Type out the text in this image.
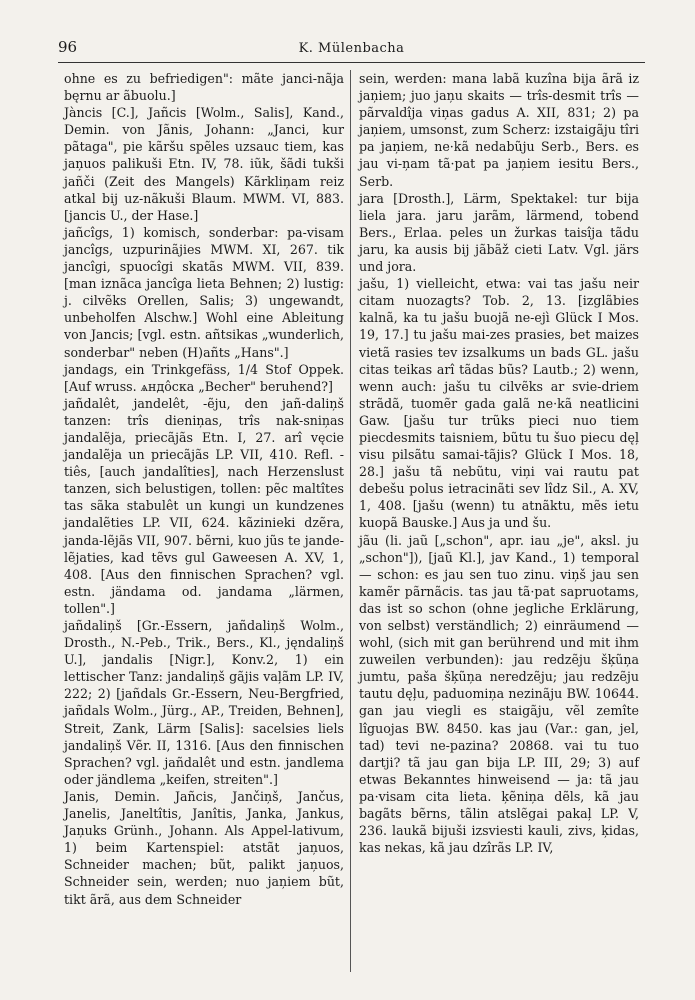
96	K. Mülenbacha

ohne es zu befriedigen": mãte janci-nãja bęrnu ar ãbuolu.]

Jàncis [C.], Jañcis [Wolm., Salis], Kand., Demin. von Jãnis, Johann: „Janci, kur pãtaga", pie kãršu spẽles uzsauc tiem, kas jaņuos palikuši Etn. IV, 78. iũk, šãdi tukši jañči (Zeit des Mangels) Kãrkliņam reiz atkal bij uz-nãkuši Blaum. MWM. VI, 883. [jancis U., der Hase.]

jañcîgs, 1) komisch, sonderbar: pa-visam jancîgs, uzpurinãjies MWM. XI, 267. tik jancîgi, spuocîgi skatãs MWM. VII, 839. [man iznãca jancîga lieta Behnen; 2) lustig: j. cilvẽks Orellen, Salis; 3) ungewandt, unbeholfen Alschw.] Wohl eine Ableitung von Jancis; [vgl. estn. añtsikas „wunderlich, sonderbar" neben (H)añts „Hans".]

jandags, ein Trinkgefäss, 1/4 Stof Oppek. [Auf wruss. ѧндôска „Becher" beruhend?]

jañdalêt, jandelêt, -ẽju, den jañ-daliņš tanzen: trîs dieniņas, trîs nak-sniņas jandalẽja, priecãjãs Etn. I, 27. arî vęcie jandalẽja un priecãjãs LP. VII, 410. Refl. -tiês, [auch jandalîties], nach Herzenslust tanzen, sich belustigen, tollen: pẽc maltîtes tas sãka stabulêt un kungi un kundzenes jandalẽties LP. VII, 624. kãzinieki dzẽra, janda-lẽjãs VII, 907. bẽrni, kuo jũs te jande-lẽjaties, kad tẽvs gul Gaweesen A. XV, 1, 408. [Aus den finnischen Sprachen? vgl. estn. jändama od. jandama „lärmen, tollen".]

jañdaliņš [Gr.-Essern, jañdaliņš Wolm., Drosth., N.-Peb., Trik., Bers., Kl., jęndaliņš U.], jandalis [Nigr.], Konv.2, 1) ein lettischer Tanz: jandaliņš gãjis vaļãm LP. IV, 222; 2) [jañdals Gr.-Essern, Neu-Bergfried, jañdals Wolm., Jürg., AP., Treiden, Behnen], Streit, Zank, Lärm [Salis]: sacelsies liels jandaliņš Vẽr. II, 1316. [Aus den finnischen Sprachen? vgl. jañdalêt und estn. jandlema oder jändlema „keifen, streiten".]

Janis, Demin. Jañcis, Jančiņš, Jančus, Janelis, Janeltîtis, Janîtis, Janka, Jankus, Jaņuks Grünh., Johann. Als Appel-lativum, 1) beim Kartenspiel: atstãt jaņuos, Schneider machen; bũt, palikt jaņuos, Schneider sein, werden; nuo jaņiem bũt, tikt ãrã, aus dem Schneider

sein, werden: mana labã kuzîna bija ãrã iz jaņiem; juo jaņu skaits — trîs-desmit trîs — pãrvaldîja viņas gadus A. XII, 831; 2) pa jaņiem, umsonst, zum Scherz: izstaigãju tîri pa jaņiem, ne·kã nedabũju Serb., Bers. es jau vi-ņam tã·pat pa jaņiem iesitu Bers., Serb.

jara [Drosth.], Lärm, Spektakel: tur bija liela jara. jaru jarãm, lärmend, tobend Bers., Erlaa. peles un žurkas taisîja tãdu jaru, ka ausis bij jãbãž cieti Latv. Vgl. järs und jora.

jašu, 1) vielleicht, etwa: vai tas jašu neir citam nuozagts? Tob. 2, 13. [izglãbies kalnã, ka tu jašu buojã ne-ejì Glück I Mos. 19, 17.] tu jašu mai-zes prasies, bet maizes vietã rasies tev izsalkums un bads GL. jašu citas teikas arî tãdas bũs? Lautb.; 2) wenn, wenn auch: jašu tu cilvẽks ar svie-driem strãdã, tuomẽr gada galã ne·kã neatlicini Gaw. [jašu tur trũks pieci nuo tiem piecdesmits taisniem, bũtu tu šuo piecu dęļ visu pilsãtu samai-tãjis? Glück I Mos. 18, 28.] jašu tã nebũtu, viņi vai rautu pat debešu polus ietracinãti sev lîdz Sil., A. XV, 1, 408. [jašu (wenn) tu atnãktu, mẽs ietu kuopã Bauske.] Aus ja und šu.

jãu (li. jaũ [„schon", apr. iau „je", aksl. ju „schon"]), [jaũ Kl.], jav Kand., 1) temporal — schon: es jau sen tuo zinu. viņš jau sen kamẽr pãrnãcis. tas jau tã·pat sapruotams, das ist so schon (ohne jegliche Erklärung, von selbst) verständlich; 2) einräumend — wohl, (sich mit gan berührend und mit ihm zuweilen verbunden): jau redzẽju šķũņa jumtu, paša šķũņa neredzẽju; jau redzẽju tautu dęļu, paduomiņa nezinãju BW. 10644. gan jau viegli es staigãju, vẽl zemîte lîguojas BW. 8450. kas jau (Var.: gan, jel, tad) tevi ne-pazina? 20868. vai tu tuo dartji? tã jau gan bija LP. III, 29; 3) auf etwas Bekanntes hinweisend — ja: tã jau pa·visam cita lieta. ķẽniņa dẽls, kã jau bagãts bẽrns, tãlin atslẽgai pakaļ LP. V, 236. laukã bijuši izsviesti kauli, zivs, ķidas, kas nekas, kã jau dzîrãs LP. IV,
